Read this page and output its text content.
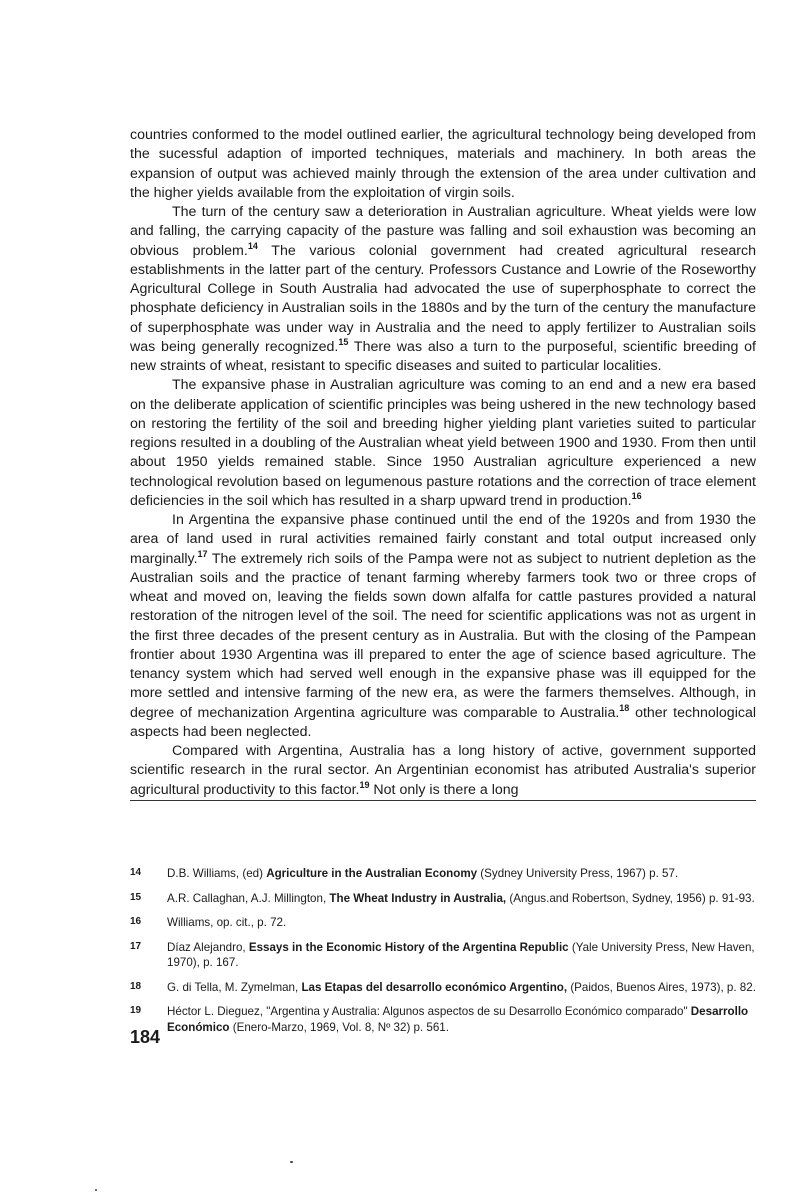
countries conformed to the model outlined earlier, the agricultural technology being developed from the sucessful adaption of imported techniques, materials and machinery. In both areas the expansion of output was achieved mainly through the extension of the area under cultivation and the higher yields available from the exploitation of virgin soils.

The turn of the century saw a deterioration in Australian agriculture. Wheat yields were low and falling, the carrying capacity of the pasture was falling and soil exhaustion was becoming an obvious problem.$^{14}$ The various colonial government had created agricultural research establishments in the latter part of the century. Professors Custance and Lowrie of the Roseworthy Agricultural College in South Australia had advocated the use of superphosphate to correct the phosphate deficiency in Australian soils in the 1880s and by the turn of the century the manufacture of superphosphate was under way in Australia and the need to apply fertilizer to Australian soils was being generally recognized.$^{15}$ There was also a turn to the purposeful, scientific breeding of new straints of wheat, resistant to specific diseases and suited to particular localities.

The expansive phase in Australian agriculture was coming to an end and a new era based on the deliberate application of scientific principles was being ushered in the new technology based on restoring the fertility of the soil and breeding higher yielding plant varieties suited to particular regions resulted in a doubling of the Australian wheat yield between 1900 and 1930. From then until about 1950 yields remained stable. Since 1950 Australian agriculture experienced a new technological revolution based on legumenous pasture rotations and the correction of trace element deficiencies in the soil which has resulted in a sharp upward trend in production.$^{16}$

In Argentina the expansive phase continued until the end of the 1920s and from 1930 the area of land used in rural activities remained fairly constant and total output increased only marginally.$^{17}$ The extremely rich soils of the Pampa were not as subject to nutrient depletion as the Australian soils and the practice of tenant farming whereby farmers took two or three crops of wheat and moved on, leaving the fields sown down alfalfa for cattle pastures provided a natural restoration of the nitrogen level of the soil. The need for scientific applications was not as urgent in the first three decades of the present century as in Australia. But with the closing of the Pampean frontier about 1930 Argentina was ill prepared to enter the age of science based agriculture. The tenancy system which had served well enough in the expansive phase was ill equipped for the more settled and intensive farming of the new era, as were the farmers themselves. Although, in degree of mechanization Argentina agriculture was comparable to Australia.$^{18}$ other technological aspects had been neglected.

Compared with Argentina, Australia has a long history of active, government supported scientific research in the rural sector. An Argentinian economist has atributed Australia's superior agricultural productivity to this factor.$^{19}$ Not only is there a long

14	D.B. Williams, (ed) Agriculture in the Australian Economy (Sydney University Press, 1967) p. 57.
15	A.R. Callaghan, A.J. Millington, The Wheat Industry in Australia, (Angus.and Robertson, Sydney, 1956) p. 91-93.
16	Williams, op. cit., p. 72.
17	Díaz Alejandro, Essays in the Economic History of the Argentina Republic (Yale University Press, New Haven, 1970), p. 167.
18	G. di Tella, M. Zymelman, Las Etapas del desarrollo económico Argentino, (Paidos, Buenos Aires, 1973), p. 82.
19	Héctor L. Dieguez, "Argentina y Australia: Algunos aspectos de su Desarrollo Económico comparado" Desarrollo Económico (Enero-Marzo, 1969, Vol. 8, Nº 32) p. 561.
184
